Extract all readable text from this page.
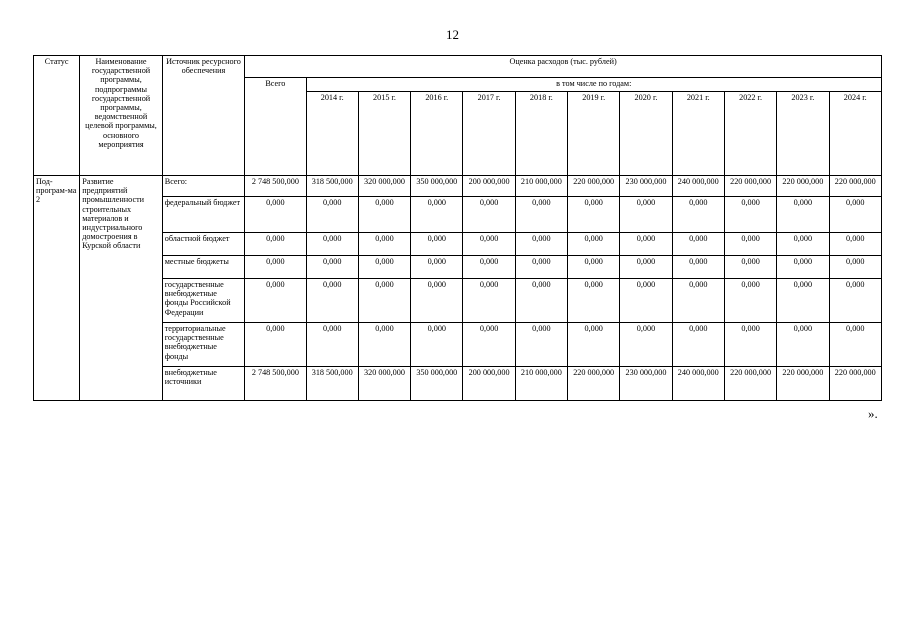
12
Статус	Наименование государственной программы, подпрограммы государственной программы, ведомственной целевой программы, основного мероприятия	Источник ресурсного обеспечения	Оценка расходов (тыс. рублей)											
			Всего	в том числе по годам:										
				2014 г.	2015 г.	2016 г.	2017 г.	2018 г.	2019 г.	2020 г.	2021 г.	2022 г.	2023 г.	2024 г.
Под-програм-ма 2	Развитие предприятий промышленности строительных материалов и индустриального домостроения в Курской области	Всего:	2 748 500,000	318 500,000	320 000,000	350 000,000	200 000,000	210 000,000	220 000,000	230 000,000	240 000,000	220 000,000	220 000,000	220 000,000
		федеральный бюджет	0,000	0,000	0,000	0,000	0,000	0,000	0,000	0,000	0,000	0,000	0,000	0,000
		областной бюджет	0,000	0,000	0,000	0,000	0,000	0,000	0,000	0,000	0,000	0,000	0,000	0,000
		местные бюджеты	0,000	0,000	0,000	0,000	0,000	0,000	0,000	0,000	0,000	0,000	0,000	0,000
		государственные внебюджетные фонды Российской Федерации	0,000	0,000	0,000	0,000	0,000	0,000	0,000	0,000	0,000	0,000	0,000	0,000
		территориальные государственные внебюджетные фонды	0,000	0,000	0,000	0,000	0,000	0,000	0,000	0,000	0,000	0,000	0,000	0,000
		внебюджетные источники	2 748 500,000	318 500,000	320 000,000	350 000,000	200 000,000	210 000,000	220 000,000	230 000,000	240 000,000	220 000,000	220 000,000	220 000,000
».
